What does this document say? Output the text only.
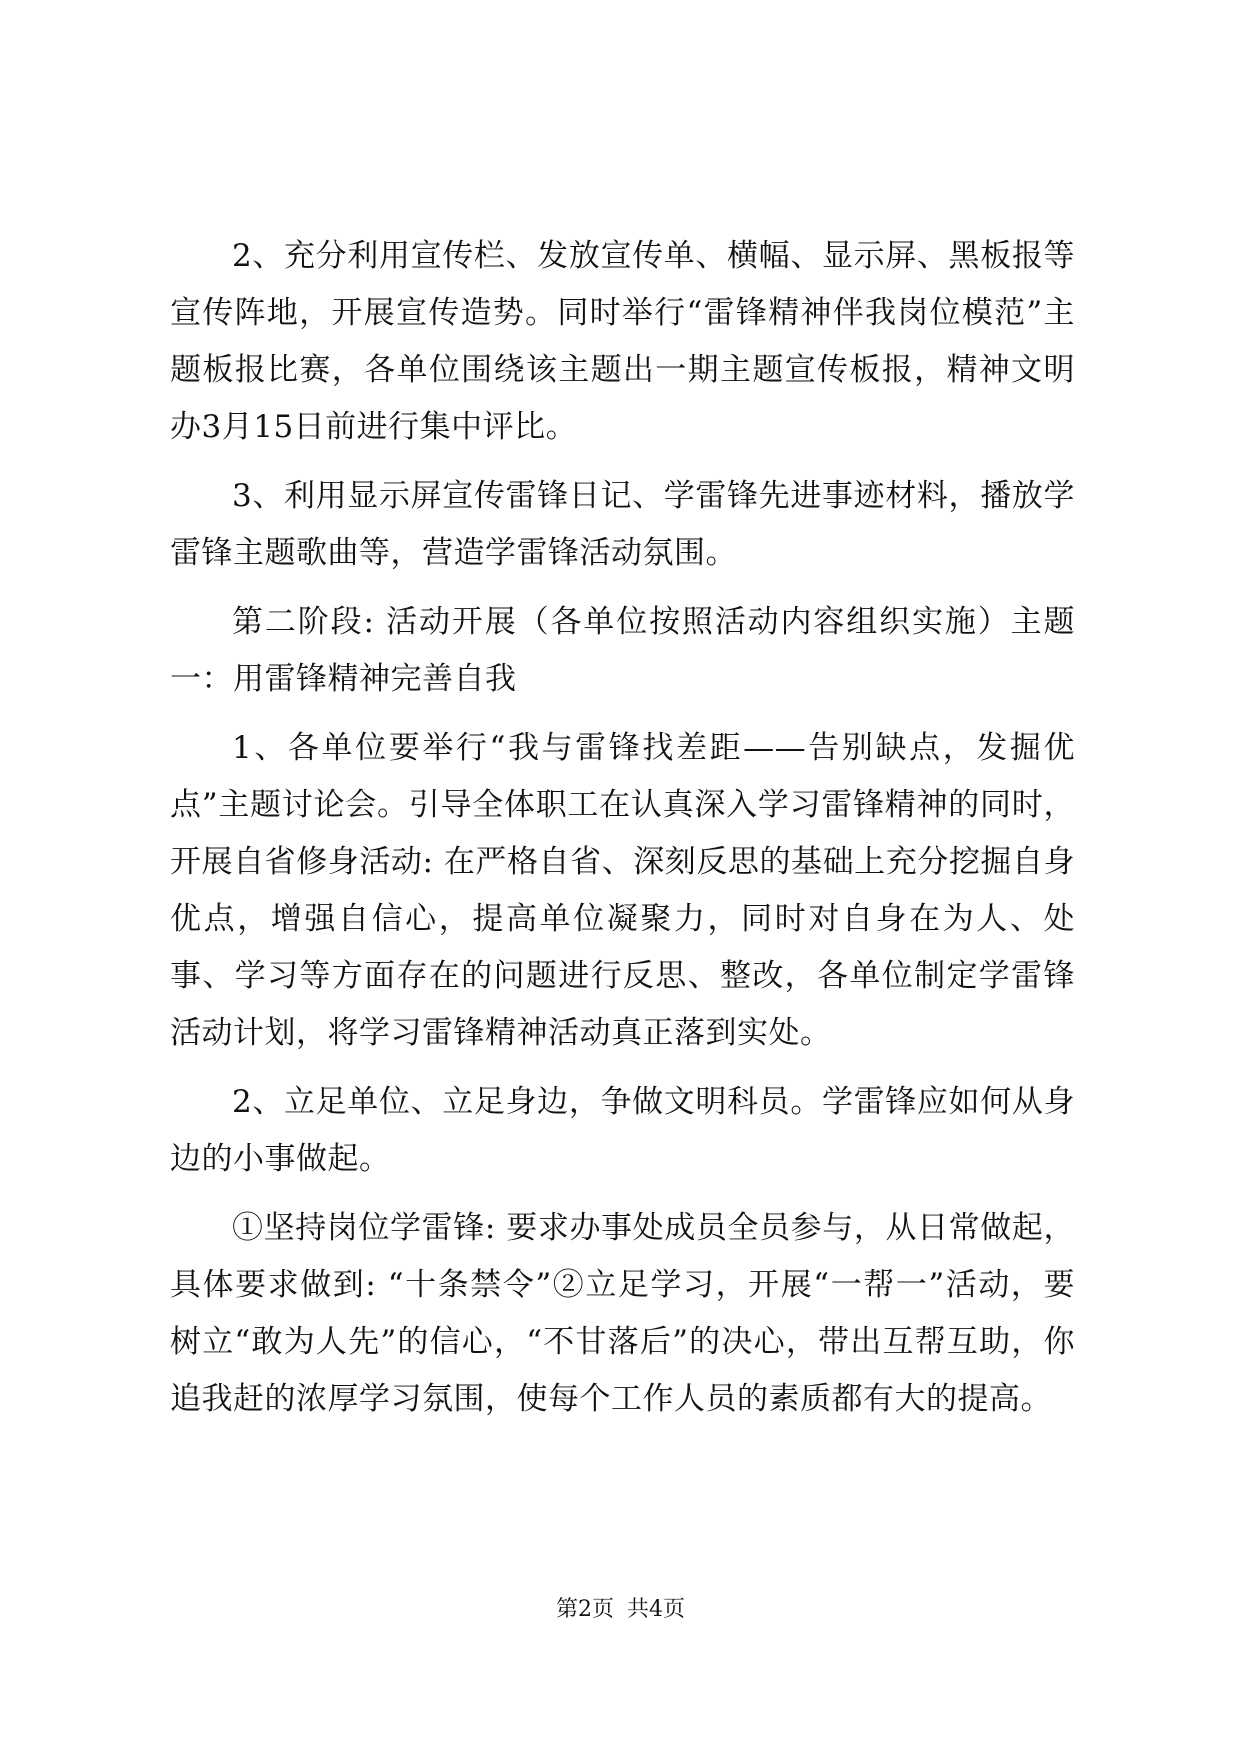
2、充分利用宣传栏、发放宣传单、横幅、显示屏、黑板报等宣传阵地，开展宣传造势。同时举行“雷锋精神伴我岗位模范”主题板报比赛，各单位围绕该主题出一期主题宣传板报，精神文明办3月15日前进行集中评比。

3、利用显示屏宣传雷锋日记、学雷锋先进事迹材料，播放学雷锋主题歌曲等，营造学雷锋活动氛围。

第二阶段: 活动开展（各单位按照活动内容组织实施）主题一：用雷锋精神完善自我

1、各单位要举行“我与雷锋找差距——告别缺点，发掘优点”主题讨论会。引导全体职工在认真深入学习雷锋精神的同时，开展自省修身活动: 在严格自省、深刻反思的基础上充分挖掘自身优点，增强自信心，提高单位凝聚力，同时对自身在为人、处事、学习等方面存在的问题进行反思、整改，各单位制定学雷锋活动计划，将学习雷锋精神活动真正落到实处。

2、立足单位、立足身边，争做文明科员。学雷锋应如何从身边的小事做起。

①坚持岗位学雷锋: 要求办事处成员全员参与，从日常做起，具体要求做到: “十条禁令”②立足学习，开展“一帮一”活动，要树立“敢为人先”的信心，“不甘落后”的决心，带出互帮互助，你追我赶的浓厚学习氛围，使每个工作人员的素质都有大的提高。

第2页 共4页
